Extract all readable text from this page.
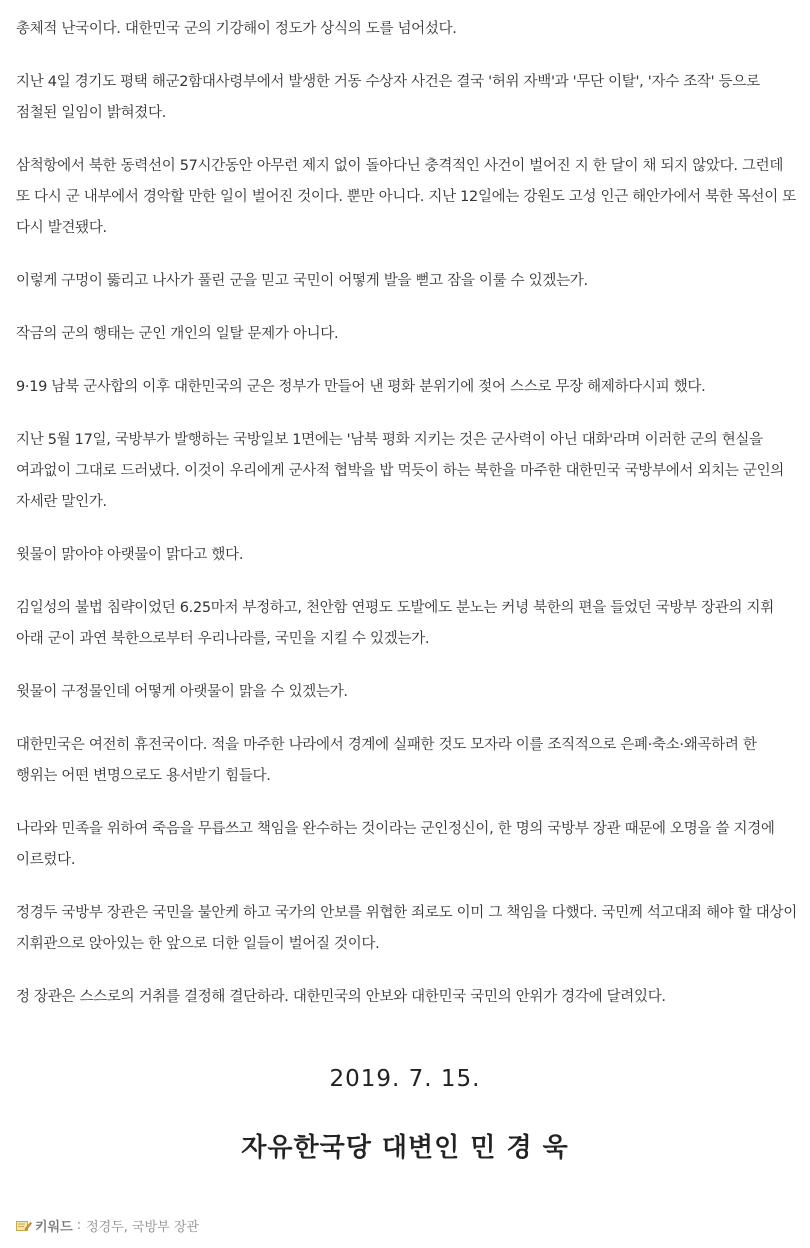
총체적 난국이다. 대한민국 군의 기강해이 정도가 상식의 도를 넘어섰다.

지난 4일 경기도 평택 해군2함대사령부에서 발생한 거동 수상자 사건은 결국 '허위 자백'과 '무단 이탈', '자수 조작' 등으로 점철된 일임이 밝혀졌다.

삼척항에서 북한 동력선이 57시간동안 아무런 제지 없이 돌아다닌 충격적인 사건이 벌어진 지 한 달이 채 되지 않았다. 그런데 또 다시 군 내부에서 경악할 만한 일이 벌어진 것이다. 뿐만 아니다. 지난 12일에는 강원도 고성 인근 해안가에서 북한 목선이 또 다시 발견됐다.

이렇게 구멍이 뚫리고 나사가 풀린 군을 믿고 국민이 어떻게 발을 뻗고 잠을 이룰 수 있겠는가.

작금의 군의 행태는 군인 개인의 일탈 문제가 아니다.

9·19 남북 군사합의 이후 대한민국의 군은 정부가 만들어 낸 평화 분위기에 젖어 스스로 무장 해제하다시피 했다.

지난 5월 17일, 국방부가 발행하는 국방일보 1면에는 '남북 평화 지키는 것은 군사력이 아닌 대화'라며 이러한 군의 현실을 여과없이 그대로 드러냈다. 이것이 우리에게 군사적 협박을 밥 먹듯이 하는 북한을 마주한 대한민국 국방부에서 외치는 군인의 자세란 말인가.

윗물이 맑아야 아랫물이 맑다고 했다.

김일성의 불법 침략이었던 6.25마저 부정하고, 천안함 연평도 도발에도 분노는 커녕 북한의 편을 들었던 국방부 장관의 지휘 아래 군이 과연 북한으로부터 우리나라를, 국민을 지킬 수 있겠는가.

윗물이 구정물인데 어떻게 아랫물이 맑을 수 있겠는가.

대한민국은 여전히 휴전국이다. 적을 마주한 나라에서 경계에 실패한 것도 모자라 이를 조직적으로 은폐·축소·왜곡하려 한 행위는 어떤 변명으로도 용서받기 힘들다.

나라와 민족을 위하여 죽음을 무릅쓰고 책임을 완수하는 것이라는 군인정신이, 한 명의 국방부 장관 때문에 오명을 쓸 지경에 이르렀다.

정경두 국방부 장관은 국민을 불안케 하고 국가의 안보를 위협한 죄로도 이미 그 책임을 다했다. 국민께 석고대죄 해야 할 대상이 지휘관으로 앉아있는 한 앞으로 더한 일들이 벌어질 것이다.

정 장관은 스스로의 거취를 결정해 결단하라. 대한민국의 안보와 대한민국 국민의 안위가 경각에 달려있다.

2019. 7. 15.
자유한국당 대변인 민 경 욱
키워드 : 정경두, 국방부 장관
